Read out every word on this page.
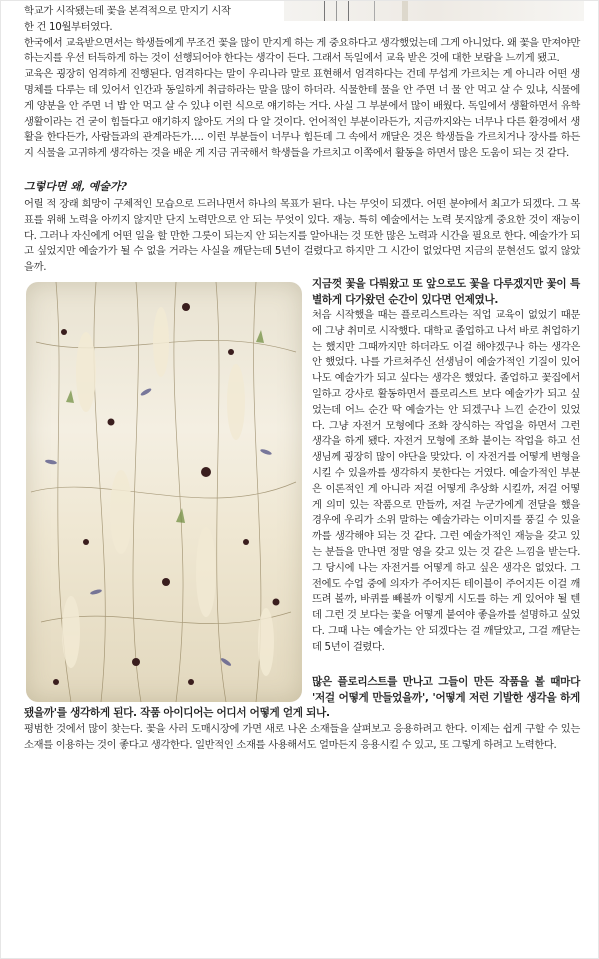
학교가 시작됐는데 꽃을 본격적으로 만지기 시작

한 건 10월부터였다.

한국에서 교육받으면서는 학생들에게 무조건 꽃을 많이 만지게 하는 게 중요하다고 생각했었는데 그게 아니었다. 왜 꽃을 만져야만 하는지를 우선 터득하게 하는 것이 선행되어야 한다는 생각이 든다. 그래서 독일에서 교육 받은 것에 대한 보람을 느끼게 됐고.

교육은 굉장히 엄격하게 진행된다. 엄격하다는 말이 우리나라 말로 표현해서 엄격하다는 건데 무섭게 가르치는 게 아니라 어떤 생명체를 다루는 데 있어서 인간과 동일하게 취급하라는 말을 많이 하더라. 식물한테 물을 안 주면 너 물 안 먹고 살 수 있냐, 식물에게 양분을 안 주면 너 밥 안 먹고 살 수 있냐 이런 식으로 얘기하는 거다. 사실 그 부분에서 많이 배웠다. 독일에서 생활하면서 유학생활이라는 건 굳이 힘들다고 얘기하지 않아도 거의 다 알 것이다. 언어적인 부분이라든가, 지금까지와는 너무나 다른 환경에서 생활을 한다든가, 사람들과의 관계라든가…. 이런 부분들이 너무나 힘든데 그 속에서 깨달은 것은 학생들을 가르치거나 장사를 하든지 식물을 고귀하게 생각하는 것을 배운 게 지금 귀국해서 학생들을 가르치고 이쪽에서 활동을 하면서 많은 도움이 되는 것 같다.

그렇다면 왜, 예술가?

어릴 적 장래 희망이 구체적인 모습으로 드러나면서 하나의 목표가 된다. 나는 무엇이 되겠다. 어떤 분야에서 최고가 되겠다. 그 목표를 위해 노력을 아끼지 않지만 단지 노력만으로 안 되는 무엇이 있다. 재능. 특히 예술에서는 노력 못지않게 중요한 것이 재능이다. 그러나 자신에게 어떤 일을 할 만한 그릇이 되는지 안 되는지를 알아내는 것 또한 많은 노력과 시간을 필요로 한다. 예술가가 되고 싶었지만 예술가가 될 수 없을 거라는 사실을 깨닫는데 5년이 걸렸다고 하지만 그 시간이 없었다면 지금의 문현선도 없지 않았을까.

지금껏 꽃을 다뤄왔고 또 앞으로도 꽃을 다루겠지만 꽃이 특별하게 다가왔던 순간이 있다면 언제였나.

처음 시작했을 때는 플로리스트라는 직업 교육이 없었기 때문에 그냥 취미로 시작했다. 대학교 졸업하고 나서 바로 취업하기는 했지만 그때까지만 하더라도 이걸 해야겠구나 하는 생각은 안 했었다. 나를 가르쳐주신 선생님이 예술가적인 기질이 있어 나도 예술가가 되고 싶다는 생각은 했었다. 졸업하고 꽃집에서 일하고 강사로 활동하면서 플로리스트 보다 예술가가 되고 싶었는데 어느 순간 딱 예술가는 안 되겠구나 느낀 순간이 있었다. 그냥 자전거 모형에다 조화 장식하는 작업을 하면서 그런 생각을 하게 됐다. 자전거 모형에 조화 붙이는 작업을 하고 선생님께 굉장히 많이 야단을 맞았다. 이 자전거를 어떻게 변형을 시킬 수 있을까를 생각하지 못한다는 거였다. 예술가적인 부분은 이론적인 게 아니라 저걸 어떻게 추상화 시킬까, 저걸 어떻게 의미 있는 작품으로 만들까, 저걸 누군가에게 전달을 했을 경우에 우리가 소위 말하는 예술가라는 이미지를 풍길 수 있을까를 생각해야 되는 것 같다. 그런 예술가적인 재능을 갖고 있는 분들을 만나면 정말 영을 갖고 있는 것 같은 느낌을 받는다. 그 당시에 나는 자전거를 어떻게 하고 싶은 생각은 없었다. 그전에도 수업 중에 의자가 주어지든 테이블이 주어지든 이걸 깨뜨려 볼까, 바퀴를 빼볼까 이렇게 시도를 하는 게 있어야 될 텐데 그런 것 보다는 꽃을 어떻게 붙여야 좋을까를 설명하고 싶었다. 그때 나는 예술가는 안 되겠다는 걸 깨달았고, 그걸 깨닫는 데 5년이 걸렸다.

많은 플로리스트를 만나고 그들이 만든 작품을 볼 때마다 '저걸 어떻게 만들었을까', '어떻게 저런 기발한 생각을 하게 됐을까'를 생각하게 된다. 작품 아이디어는 어디서 어떻게 얻게 되나.

평범한 것에서 많이 찾는다. 꽃을 사러 도매시장에 가면 새로 나온 소재들을 살펴보고 응용하려고 한다. 이제는 쉽게 구할 수 있는 소재를 이용하는 것이 좋다고 생각한다. 일반적인 소재를 사용해서도 얼마든지 응용시킬 수 있고, 또 그렇게 하려고 노력한다.
